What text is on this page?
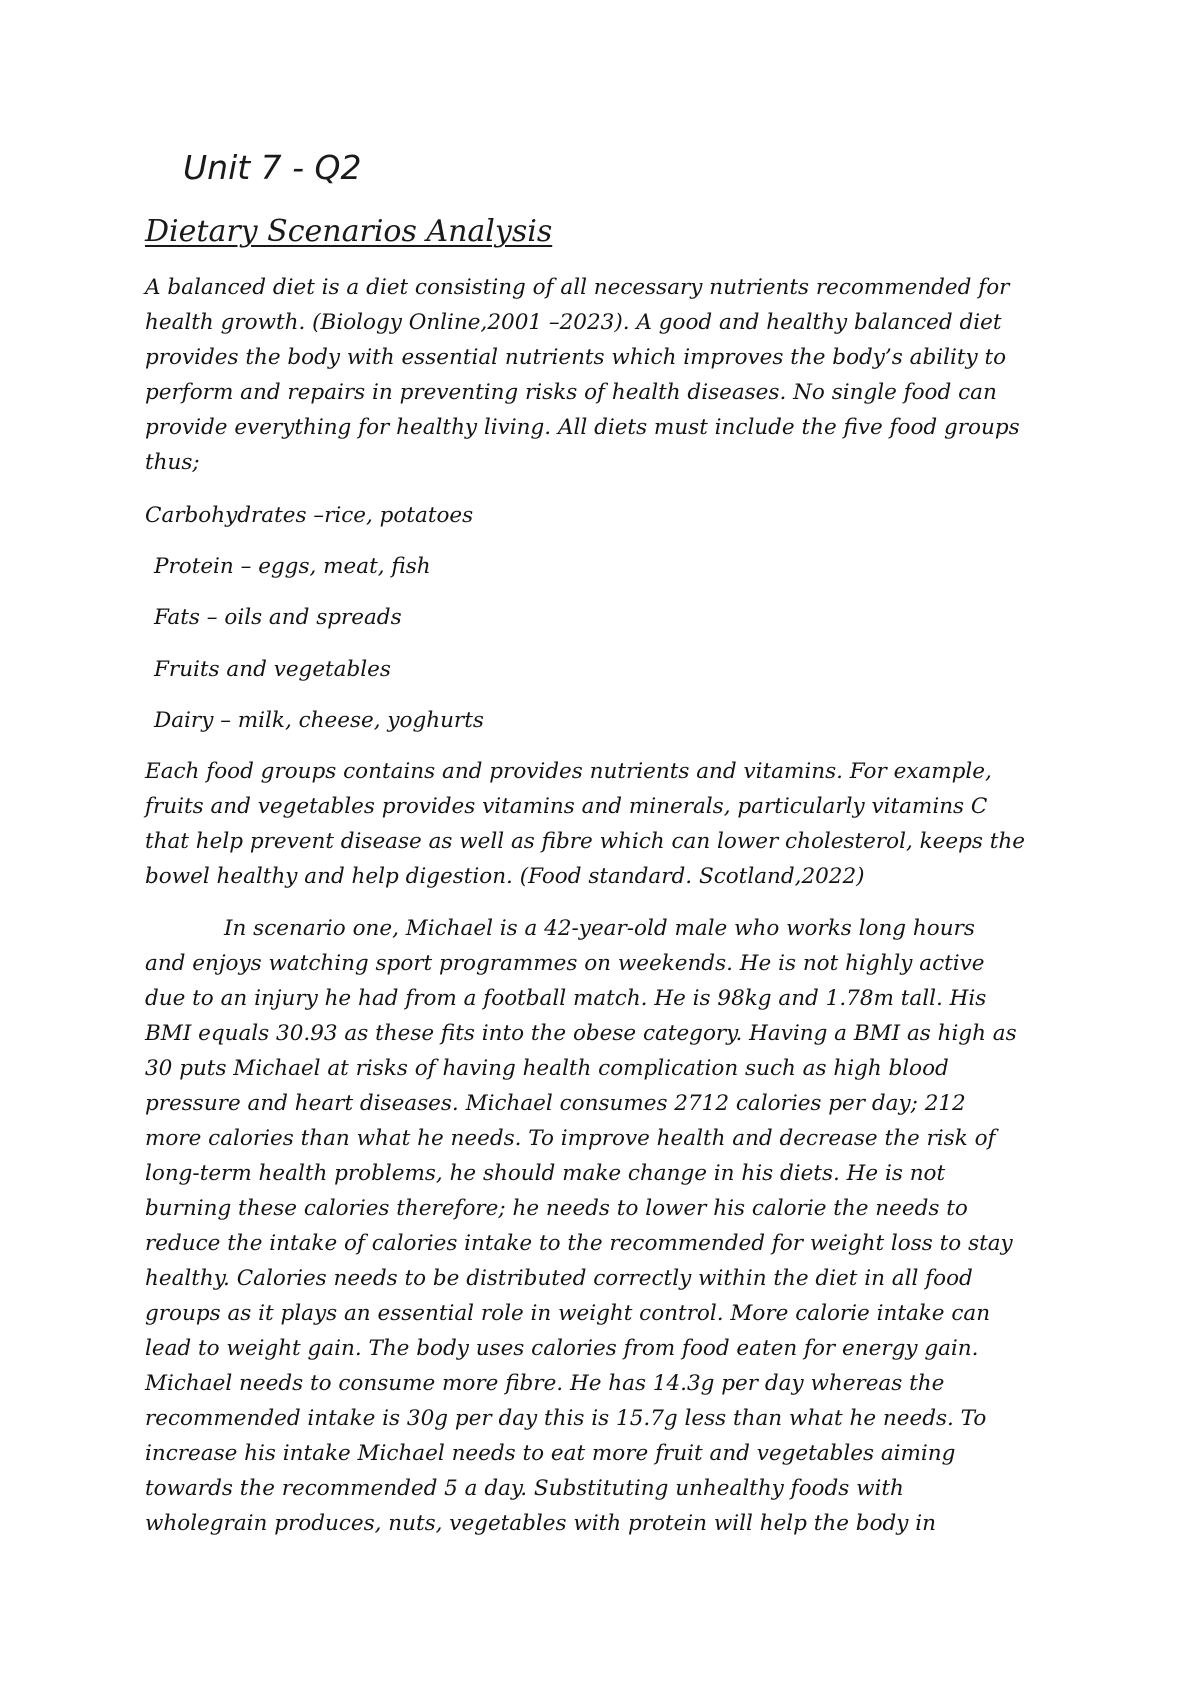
Unit 7 - Q2
Dietary Scenarios Analysis

A balanced diet is a diet consisting of all necessary nutrients recommended for

health growth. (Biology Online,2001 –2023). A good and healthy balanced diet

provides the body with essential nutrients which improves the body’s ability to

perform and repairs in preventing risks of health diseases. No single food can

provide everything for healthy living. All diets must include the five food groups

thus;

Carbohydrates –rice, potatoes

Protein – eggs, meat, fish

Fats – oils and spreads

Fruits and vegetables

Dairy – milk, cheese, yoghurts

Each food groups contains and provides nutrients and vitamins. For example,

fruits and vegetables provides vitamins and minerals, particularly vitamins C

that help prevent disease as well as fibre which can lower cholesterol, keeps the

bowel healthy and help digestion. (Food standard. Scotland,2022)

In scenario one, Michael is a 42-year-old male who works long hours

and enjoys watching sport programmes on weekends. He is not highly active

due to an injury he had from a football match. He is 98kg and 1.78m tall. His

BMI equals 30.93 as these fits into the obese category. Having a BMI as high as

30 puts Michael at risks of having health complication such as high blood

pressure and heart diseases. Michael consumes 2712 calories per day; 212

more calories than what he needs. To improve health and decrease the risk of

long-term health problems, he should make change in his diets. He is not

burning these calories therefore; he needs to lower his calorie the needs to

reduce the intake of calories intake to the recommended for weight loss to stay

healthy. Calories needs to be distributed correctly within the diet in all food

groups as it plays an essential role in weight control. More calorie intake can

lead to weight gain. The body uses calories from food eaten for energy gain.

Michael needs to consume more fibre. He has 14.3g per day whereas the

recommended intake is 30g per day this is 15.7g less than what he needs. To

increase his intake Michael needs to eat more fruit and vegetables aiming

towards the recommended 5 a day. Substituting unhealthy foods with

wholegrain produces, nuts, vegetables with protein will help the body in
